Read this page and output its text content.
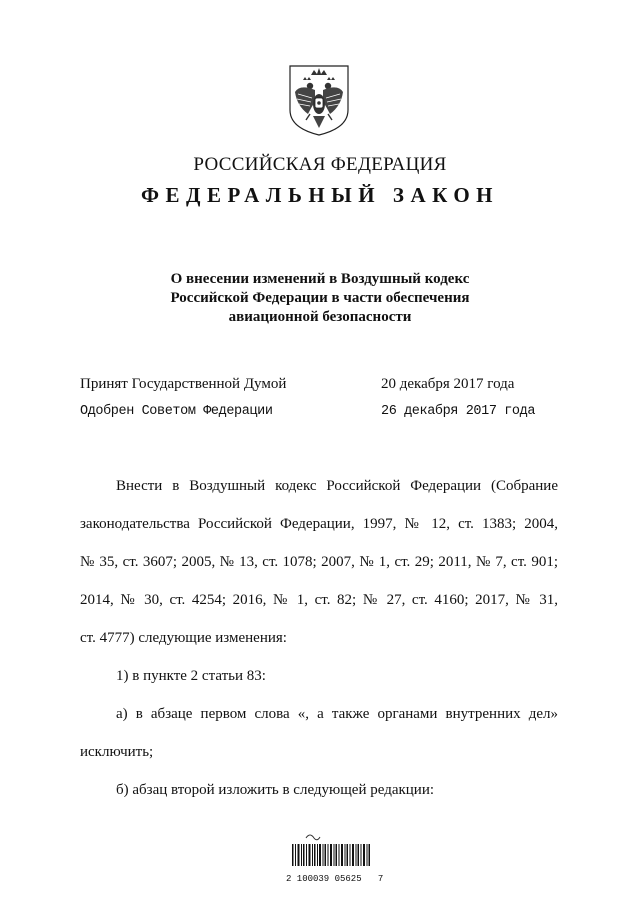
РОССИЙСКАЯ ФЕДЕРАЦИЯ
ФЕДЕРАЛЬНЫЙ ЗАКОН
О внесении изменений в Воздушный кодекс
Российской Федерации в части обеспечения
авиационной безопасности
Принят Государственной Думой	20 декабря 2017 года
Одобрен Советом Федерации	26 декабря 2017 года
Внести в Воздушный кодекс Российской Федерации (Собрание
законодательства Российской Федерации, 1997, № 12, ст. 1383; 2004,
№ 35, ст. 3607; 2005, № 13, ст. 1078; 2007, № 1, ст. 29; 2011, № 7, ст. 901;
2014, № 30, ст. 4254; 2016, № 1, ст. 82; № 27, ст. 4160; 2017, № 31,
ст. 4777) следующие изменения:
1) в пункте 2 статьи 83:
а) в абзаце первом слова «, а также органами внутренних дел»
исключить;
б) абзац второй изложить в следующей редакции:
2 100039 05625   7
